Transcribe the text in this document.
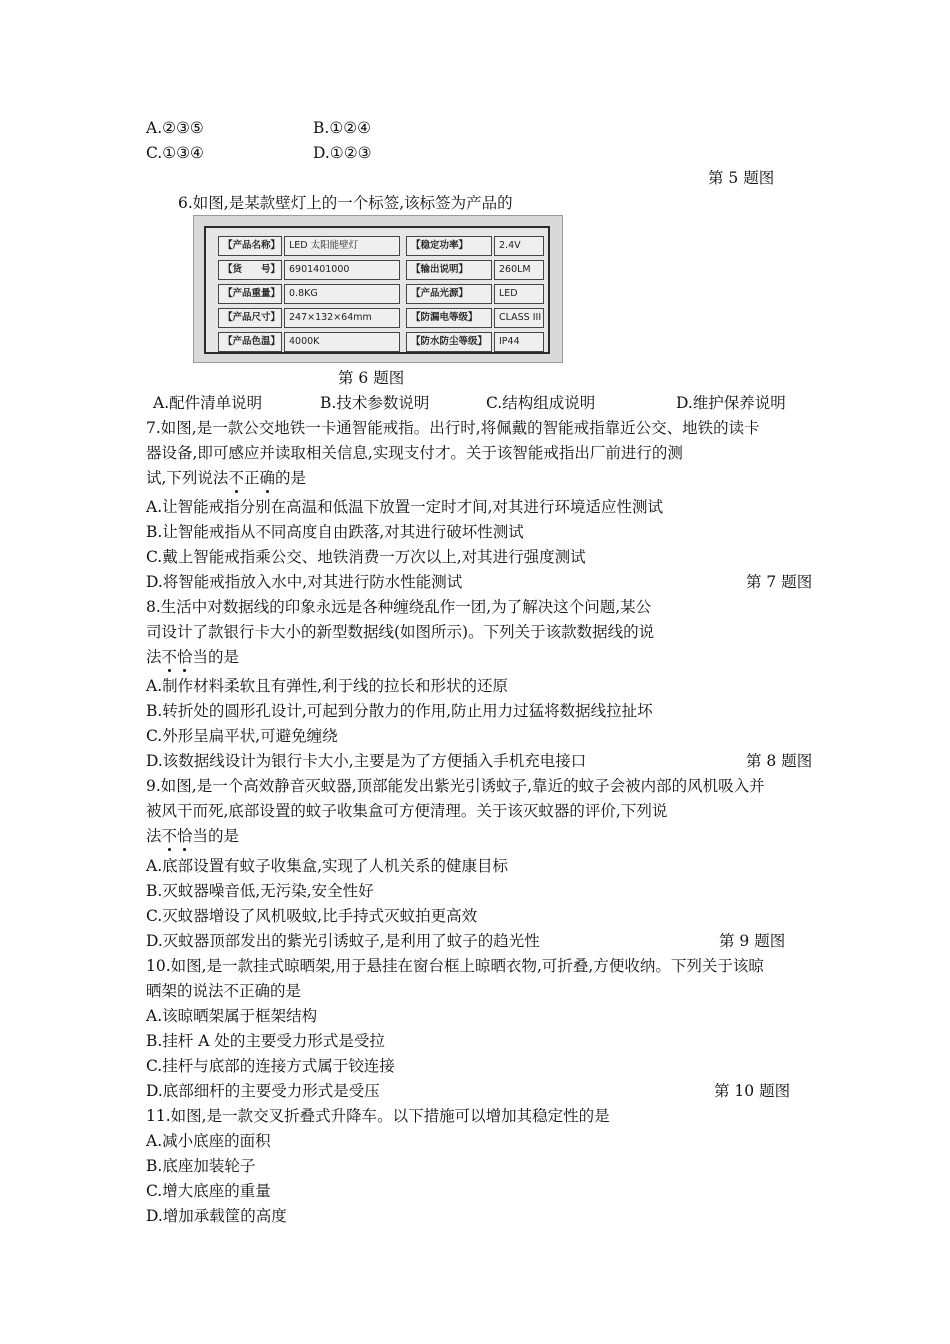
A.②③⑤	B.①②④
C.①③④	D.①②③
第 5 题图
6.如图,是某款壁灯上的一个标签,该标签为产品的
【产品名称】 LED 太阳能壁灯	【稳定功率】	2.4V
【货　　号】 6901401000	【输出说明】	260LM
【产品重量】 0.8KG	【产品光源】	LED
【产品尺寸】 247×132×64mm	【防漏电等级】	CLASS III
【产品色温】 4000K	【防水防尘等级】	IP44
第 6 题图
A.配件清单说明	B.技术参数说明	C.结构组成说明	D.维护保养说明
7.如图,是一款公交地铁一卡通智能戒指。出行时,将佩戴的智能戒指靠近公交、地铁的读卡
器设备,即可感应并读取相关信息,实现支付才。关于该智能戒指出厂前进行的测
试,下列说法不正确的是
A.让智能戒指分别在高温和低温下放置一定时才间,对其进行环境适应性测试
B.让智能戒指从不同高度自由跌落,对其进行破坏性测试
C.戴上智能戒指乘公交、地铁消费一万次以上,对其进行强度测试
D.将智能戒指放入水中,对其进行防水性能测试	第 7 题图
8.生活中对数据线的印象永远是各种缠绕乱作一团,为了解决这个问题,某公
司设计了款银行卡大小的新型数据线(如图所示)。下列关于该款数据线的说
法不恰当的是
A.制作材料柔软且有弹性,利于线的拉长和形状的还原
B.转折处的圆形孔设计,可起到分散力的作用,防止用力过猛将数据线拉扯坏
C.外形呈扁平状,可避免缠绕
D.该数据线设计为银行卡大小,主要是为了方便插入手机充电接口	第 8 题图
9.如图,是一个高效静音灭蚊器,顶部能发出紫光引诱蚊子,靠近的蚊子会被内部的风机吸入并
被风干而死,底部设置的蚊子收集盒可方便清理。关于该灭蚊器的评价,下列说
法不恰当的是
A.底部设置有蚊子收集盒,实现了人机关系的健康目标
B.灭蚊器噪音低,无污染,安全性好
C.灭蚊器增设了风机吸蚊,比手持式灭蚊拍更高效
D.灭蚊器顶部发出的紫光引诱蚊子,是利用了蚊子的趋光性	第 9 题图
10.如图,是一款挂式晾晒架,用于悬挂在窗台框上晾晒衣物,可折叠,方便收纳。下列关于该晾
晒架的说法不正确的是
A.该晾晒架属于框架结构
B.挂杆 A 处的主要受力形式是受拉
C.挂杆与底部的连接方式属于铰连接
D.底部细杆的主要受力形式是受压	第 10 题图
11.如图,是一款交叉折叠式升降车。以下措施可以增加其稳定性的是
A.减小底座的面积
B.底座加装轮子
C.增大底座的重量
D.增加承载筐的高度
